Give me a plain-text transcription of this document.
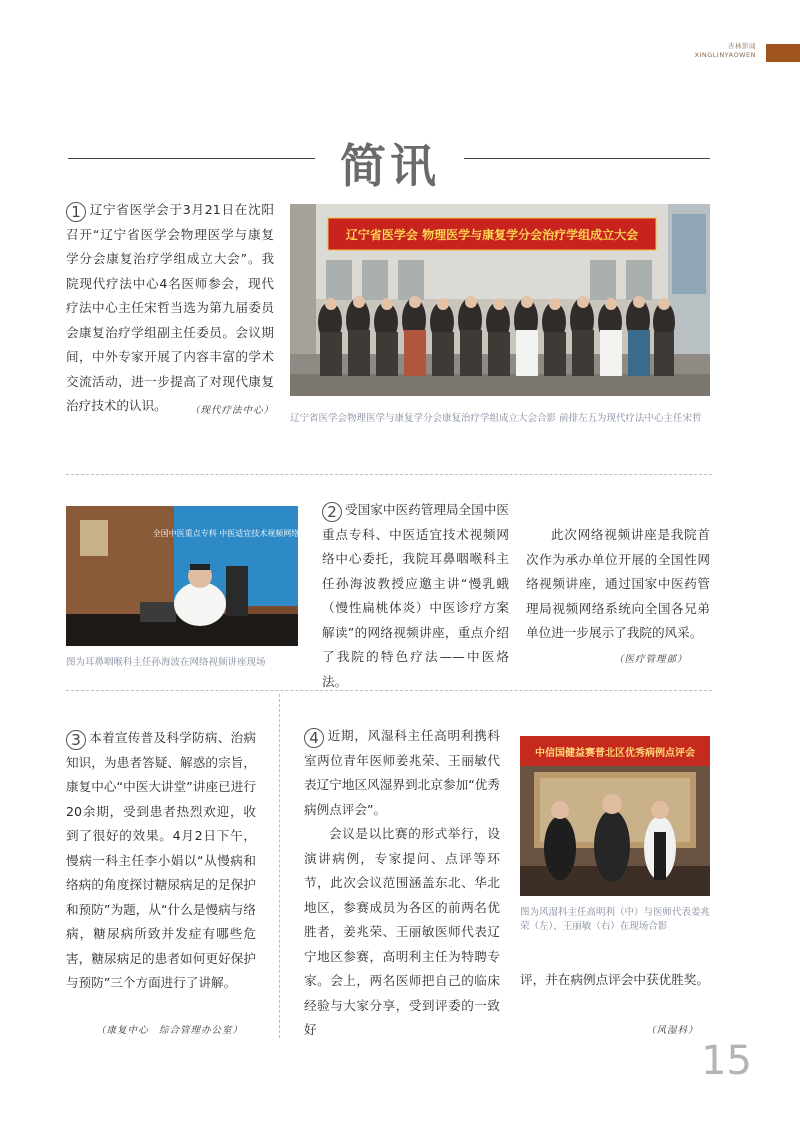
杏林影闻
XINGLINYAOWEN
简讯

1 辽宁省医学会于3月21日在沈阳召开“辽宁省医学会物理医学与康复学分会康复治疗学组成立大会”。我院现代疗法中心4名医师参会，现代疗法中心主任宋哲当选为第九届委员会康复治疗学组副主任委员。会议期间，中外专家开展了内容丰富的学术交流活动，进一步提高了对现代康复治疗技术的认识。	（现代疗法中心）

辽宁省医学会 物理医学与康复学分会治疗学组成立大会
辽宁省医学会物理医学与康复学分会康复治疗学组成立大会合影 前排左五为现代疗法中心主任宋哲
全国中医重点专科 中医适宜技术视频网络中心
图为耳鼻咽喉科主任孙海波在网络视频讲座现场

2 受国家中医药管理局全国中医重点专科、中医适宜技术视频网络中心委托，我院耳鼻咽喉科主任孙海波教授应邀主讲“慢乳蛾（慢性扁桃体炎）中医诊疗方案解读”的网络视频讲座，重点介绍了我院的特色疗法——中医烙法。

此次网络视频讲座是我院首次作为承办单位开展的全国性网络视频讲座，通过国家中医药管理局视频网络系统向全国各兄弟单位进一步展示了我院的风采。

（医疗管理部）

3 本着宣传普及科学防病、治病知识，为患者答疑、解惑的宗旨，康复中心“中医大讲堂”讲座已进行20余期，受到患者热烈欢迎，收到了很好的效果。4月2日下午，慢病一科主任李小娟以“从慢病和络病的角度探讨糖尿病足的足保护和预防”为题，从“什么是慢病与络病，糖尿病所致并发症有哪些危害，糖尿病足的患者如何更好保护与预防”三个方面进行了讲解。

（康复中心　综合管理办公室）

4 近期，风湿科主任高明利携科室两位青年医师姜兆荣、王丽敏代表辽宁地区风湿界到北京参加“优秀病例点评会”。

会议是以比赛的形式举行，设演讲病例，专家提问、点评等环节，此次会议范围涵盖东北、华北地区，参赛成员为各区的前两名优胜者，姜兆荣、王丽敏医师代表辽宁地区参赛，高明利主任为特聘专家。会上，两名医师把自己的临床经验与大家分享，受到评委的一致好

中信国健益赛普北区优秀病例点评会
图为风湿科主任高明利（中）与医师代表姜兆荣（左）、王丽敏（右）在现场合影

评，并在病例点评会中获优胜奖。

（风湿科）
15
